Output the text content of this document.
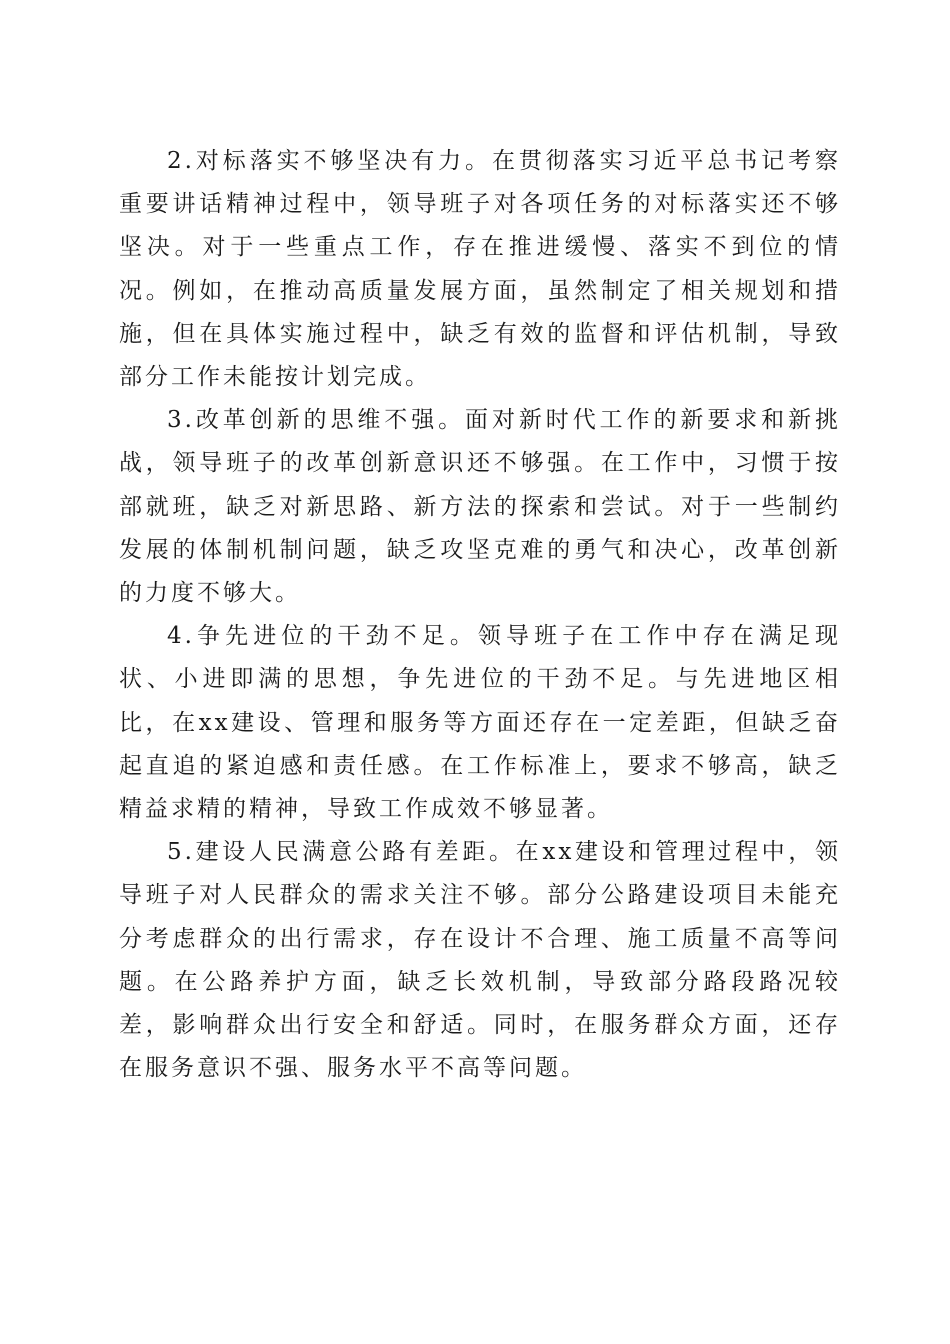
2.对标落实不够坚决有力。在贯彻落实习近平总书记考察重要讲话精神过程中，领导班子对各项任务的对标落实还不够坚决。对于一些重点工作，存在推进缓慢、落实不到位的情况。例如，在推动高质量发展方面，虽然制定了相关规划和措施，但在具体实施过程中，缺乏有效的监督和评估机制，导致部分工作未能按计划完成。

3.改革创新的思维不强。面对新时代工作的新要求和新挑战，领导班子的改革创新意识还不够强。在工作中，习惯于按部就班，缺乏对新思路、新方法的探索和尝试。对于一些制约发展的体制机制问题，缺乏攻坚克难的勇气和决心，改革创新的力度不够大。

4.争先进位的干劲不足。领导班子在工作中存在满足现状、小进即满的思想，争先进位的干劲不足。与先进地区相比，在xx建设、管理和服务等方面还存在一定差距，但缺乏奋起直追的紧迫感和责任感。在工作标准上，要求不够高，缺乏精益求精的精神，导致工作成效不够显著。

5.建设人民满意公路有差距。在xx建设和管理过程中，领导班子对人民群众的需求关注不够。部分公路建设项目未能充分考虑群众的出行需求，存在设计不合理、施工质量不高等问题。在公路养护方面，缺乏长效机制，导致部分路段路况较差，影响群众出行安全和舒适。同时，在服务群众方面，还存在服务意识不强、服务水平不高等问题。
